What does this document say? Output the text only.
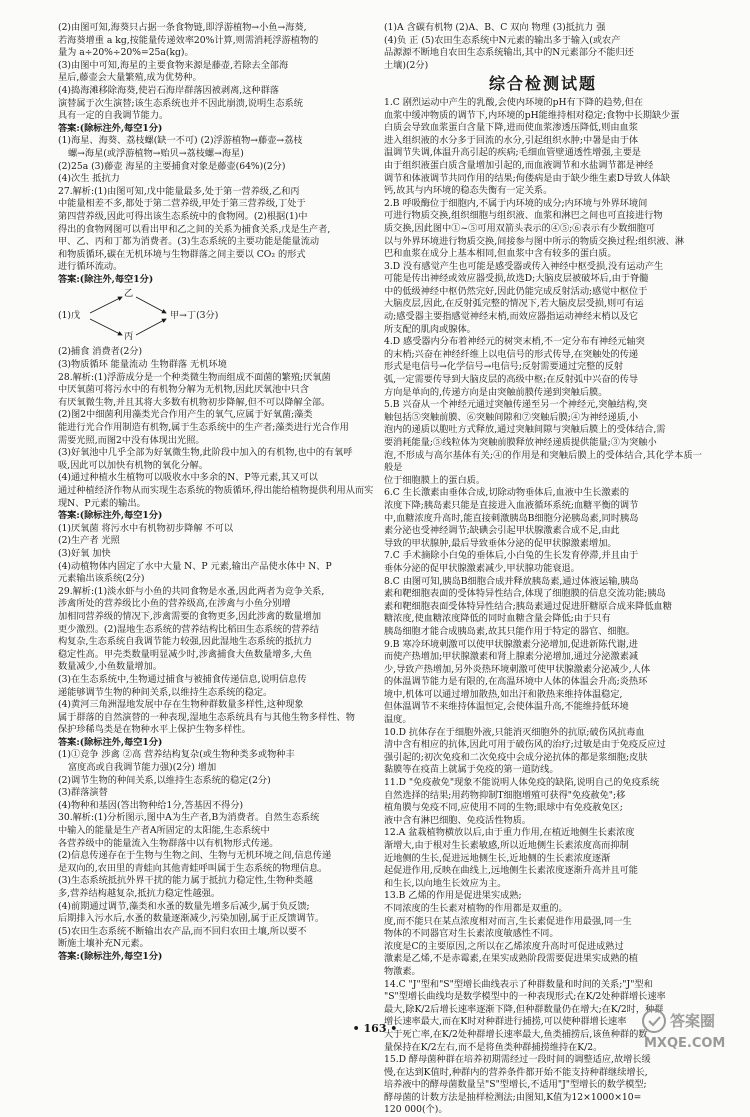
(2)由图可知,海葵只占据一条食物链,即浮游植物→小鱼→海葵,

若海葵增重 a kg,按能量传递效率20%计算,则需消耗浮游植物的

量为 a÷20%÷20%=25a(kg)。

(3)由图中可知,海星的主要食物来源是藤壶,若除去全部海

星后,藤壶会大量繁殖,成为优势种。

(4)捣海滩移除海葵,使岩石海岸群落因被剥离,这种群落

演替属于次生演替;该生态系统也并不因此崩溃,说明生态系统

具有一定的自我调节能力。

答案:(除标注外,每空1分)

(1)海星、海葵、荔枝螺(缺一不可) (2)浮游植物→藤壶→荔枝

螺→海星(或浮游植物→贻贝→荔枝螺→海星)

(2)25a (3)藤壶 海星的主要捕食对象是藤壶(64%)(2分)

(4)次生 抵抗力

27.解析:(1)由图可知,戊中能量最多,处于第一营养级,乙和丙

中能量相差不多,都处于第二营养级,甲处于第三营养级,丁处于

第四营养级,因此可得出该生态系统中的食物网。(2)根据(1)中

得出的食物网图可以看出甲和乙之间的关系为捕食关系,戊是生产者,

甲、乙、丙和丁都为消费者。(3)生态系统的主要功能是能量流动

和物质循环,碳在无机环境与生物群落之间主要以 CO₂ 的形式

进行循环流动。

答案:(除注外,每空1分)

(1)戊
乙
丙
甲→丁(3分)

(2)捕食 消费者(2分)

(3)物质循环 能量流动 生物群落 无机环境

28.解析:(1)浮游成分是一个种类微生物而组成不面菌的繁殖;厌氧菌

中厌氧菌可将污水中的有机物分解为无机物,因此厌氧池中只含

有厌氧微生物,并且其将大多数有机物初步降解,但不可以降解全部。

(2)图2中细菌利用藻类光合作用产生的氧气,应属于好氧菌;藻类

能进行光合作用制造有机物,属于生态系统中的生产者;藻类进行光合作用

需要光照,而图2中没有体现出光照。

(3)好氧池中几乎全部为好氧微生物,此阶段中加入的有机物,也中的有氧呼

吸,因此可以加快有机物的氧化分解。

(4)通过种植水生植物可以吸收水中多余的N、P等元素,其又可以

通过种植经济作物从而实现生态系统的物质循环,得出能给植物提供利用从而实

现N、P元素的输出。

答案:(除标注外,每空1分)

(1)厌氧菌 将污水中有机物初步降解 不可以

(2)生产者 光照

(3)好氧 加快

(4)动植物体内固定了水中大量 N、P 元素,输出产品使水体中 N、P

元素输出该系统(2分)

29.解析:(1)淡水虾与小鱼的共同食物是水蚤,因此两者为竞争关系,

涉禽所处的营养级比小鱼的营养级高,在涉禽与小鱼分别增

加相同营养级的情况下,涉禽需要的食物更多,因此涉禽的数量增加

更少激烈。(2)湿地生态系统的营养结构比稻田生态系统的营养结

构复杂,生态系统自我调节能力较强,因此湿地生态系统的抵抗力

稳定性高。甲壳类数量明显减少时,涉禽捕食大鱼数量增多,大鱼

数量减少,小鱼数量增加。

(3)在生态系统中,生物通过捕食与被捕食传递信息,说明信息传

递能够调节生物的种间关系,以维持生态系统的稳定。

(4)黄河三角洲湿地发展中存在生物种群数量多样性,这种现象

属于群落的自然演替的一种表现,湿地生态系统具有与其他生物多样性、物

保护珍稀鸟类是在物种水平上保护生物多样性。

答案:(除标注外,每空1分)

(1)①竞争 涉禽 ②高 营养结构复杂(或生物种类多或物种丰

富度高或自我调节能力强)(2分) 增加

(2)调节生物的种间关系,以维持生态系统的稳定(2分)

(3)群落演替

(4)物种和基因(答出物种给1分,答基因不得分)

30.解析:(1)分析图示,图中A为生产者,B为消费者。自然生态系统

中输入的能量是生产者A所固定的太阳能,生态系统中

各营养级中的能量流入生物群落中以有机物形式传递。

(2)信息传递存在于生物与生物之间、生物与无机环境之间,信息传递

是双向的,农田里的青蛙向其他青蛙呼叫属于生态系统的物理信息。

(3)生态系统抵抗外界干扰的能力属于抵抗力稳定性,生物种类越

多,营养结构越复杂,抵抗力稳定性越强。

(4)前期通过调节,藻类和水蚤的数量先增多后减少,属于负反馈;

后期排入污水后,水蚤的数量逐渐减少,污染加剧,属于正反馈调节。

(5)农田生态系统不断输出农产品,而不回归农田土壤,所以要不

断施土壤补充N元素。

答案:(除标注外,每空1分)

(1)A 含碳有机物 (2)A、B、C 双向 物理 (3)抵抗力 强

(4)负 正 (5)农田生态系统中N元素的输出多于输入(或农产

品源源不断地自农田生态系统输出,其中的N元素部分不能归还

土壤)(2分)

综合检测试题

1.C 剧烈运动中产生的乳酸,会使内环境的pH有下降的趋势,但在

血浆中缓冲物质的调节下,内环境的pH能维持相对稳定;食物中长期缺少蛋

白质会导致血浆蛋白含量下降,进而使血浆渗透压降低,则由血浆

进入组织液的水分多于回流的水分,引起组织水肿;中暑是由于体

温调节失调,体温升高引起的疾病;毛细血管壁通透性增强,主要是

由于组织液蛋白质含量增加引起的,而血液调节和水盐调节都是神经

调节和体液调节共同作用的结果;佝偻病是由于缺少维生素D导致人体缺

钙,故其与内环境的稳态失衡有一定关系。

2.B 呼吸酶位于细胞内,不属于内环境的成分;内环境与外界环境间

可进行物质交换,组织细胞与组织液、血浆和淋巴之间也可直接进行物

质交换,因此图中①~⑤可用双箭头表示的④⑤;⑥表示有少数细胞可

以与外界环境进行物质交换,间接参与图中所示的物质交换过程;组织液、淋

巴和血浆在成分上基本相同,但血浆中含有较多的蛋白质。

3.D 没有感觉产生也可能是感受器或传入神经中枢受损,没有运动产生

可能是传出神经或效应器受损,故选D;大脑皮层被破坏后,由于脊髓

中的低级神经中枢仍然完好,因此仍能完成反射活动;感觉中枢位于

大脑皮层,因此,在反射弧完整的情况下,若大脑皮层受损,则可有运

动;感受器主要指感觉神经末梢,而效应器指运动神经末梢以及它

所支配的肌肉或腺体。

4.D 感受器内分布着神经元的树突末梢,不一定分布有神经元轴突

的末梢;兴奋在神经纤维上以电信号的形式传导,在突触处的传递

形式是电信号→化学信号→电信号;反射需要通过完整的反射

弧,一定需要传导到大脑皮层的高级中枢;在反射弧中兴奋的传导

方向是单向的,传递方向是由突触前膜传递到突触后膜。

5.B 兴奋从一个神经元通过突触传递至另一个神经元,突触结构,突

触包括⑤突触前膜、⑥突触间隙和⑦突触后膜;④为神经递质,小

泡内的递质以胞吐方式释放,通过突触间隙与突触后膜上的受体结合,需

要消耗能量;⑤线粒体为突触前膜释放神经递质提供能量;③为突触小

泡,不形成与高尔基体有关;④的作用是和突触后膜上的受体结合,其化学本质一般是

位于细胞膜上的蛋白质。

6.C 生长激素由垂体合成,切除动物垂体后,血液中生长激素的

浓度下降;胰岛素只能是直接进入血液循环系统;血糖平衡的调节

中,血糖浓度升高时,能直接刺激胰岛B细胞分泌胰岛素,同时胰岛

素分泌也受神经调节;缺碘会引起甲状腺激素合成不足,由此

导致的甲状腺肿,最后导致垂体分泌的促甲状腺激素增加。

7.C 手术摘除小白兔的垂体后,小白兔的生长发育停滞,并且由于

垂体分泌的促甲状腺激素减少,甲状腺功能衰退。

8.C 由图可知,胰岛B细胞合成并释放胰岛素,通过体液运输,胰岛

素和靶细胞表面的受体特异性结合,体现了细胞膜的信息交流功能;胰岛

素和靶细胞表面受体特异性结合;胰岛素通过促进肝糖原合成来降低血糖

糖浓度,使血糖浓度降低的同时血糖含量会降低;由于只有

胰岛细胞才能合成胰岛素,故其只能作用于特定的器官、细胞。

9.B 寒冷环境刺激可以使甲状腺激素分泌增加,促进新陈代谢,进

而使产热增加;甲状腺激素和肾上腺素分泌增加,通过分泌激素减

少,导致产热增加,另外炎热环境刺激可使甲状腺激素分泌减少,人体

的体温调节能力是有限的,在高温环境中人体的体温会升高;炎热环

境中,机体可以通过增加散热,如出汗和散热来维持体温稳定,

但体温调节不来维持体温恒定,会使体温升高,不能维持低环境

温度。

10.D 抗体存在于细胞外液,只能消灭细胞外的抗原;破伤风抗毒血

清中含有相应的抗体,因此可用于破伤风的治疗;过敏是由于免疫反应过

强引起的;初次免疫和二次免疫中会成分泌抗体的都是浆细胞;皮肤

黏膜等在疫苗上就属于免疫的第一道防线。

11.D "免疫赦免"现象不能说明人体免疫的缺陷,说明自己的免疫系统

自然选择的结果;用药物抑制T细胞增殖可获得"免疫赦免";移

植角膜与免疫不同,应使用不同的生物;眼球中有免疫赦免区;

液中含有淋巴细胞、免疫活性物质。

12.A 盆栽植物横放以后,由于重力作用,在植近地侧生长素浓度

渐增大,由于根对生长素敏感,所以近地侧生长素浓度高而抑制

近地侧的生长,促进远地侧生长,近地侧的生长素浓度逐渐

起促进作用,反映在曲线上,远地侧生长素浓度逐渐升高并且可能

和生长,以向地生长效应为主。

13.B 乙烯的作用是促进果实成熟;

不同浓度的生长素对植物的作用都是双重的。

度,而不能只在某点浓度相对而言,生长素促进作用最强,同一生

物体的不同器官对生长素浓度敏感性不同。

浓度是C的主要原因,之所以在乙烯浓度升高时可促进成熟过

激素是乙烯,不是赤霉素,在果实成熟阶段需要促进果实成熟的植

物激素。

14.C "J"型和"S"型增长曲线表示了种群数量和时间的关系;"J"型和

"S"型增长曲线均是数学模型中的一种表现形式;在K/2处种群增长速率

最大,除K/2后增长速率逐渐下降,但种群数量仍在增大;在K/2时，种群

增长速率最大,而在K时对种群进行捕捞,可以使种群增长速率

大于死亡率,在K/2处种群增长速率最大,鱼类捕捞后,该鱼种群的数

量保持在K/2左右,而不是将鱼类种群捕捞维持在K/2。

15.D 酵母菌种群在培养初期需经过一段时间的调整适应,故增长缓

慢,在达到K值时,种群内的营养条件都开始不能支持种群继续增长,

培养液中的酵母菌数量呈"S"型增长,不适用"J"型增长的数学模型;

酵母菌的计数方法是抽样检测法;由图知,K值为12×1000×10=

120 000(个)。

• 163 •	答案圈
MXQE.COM
